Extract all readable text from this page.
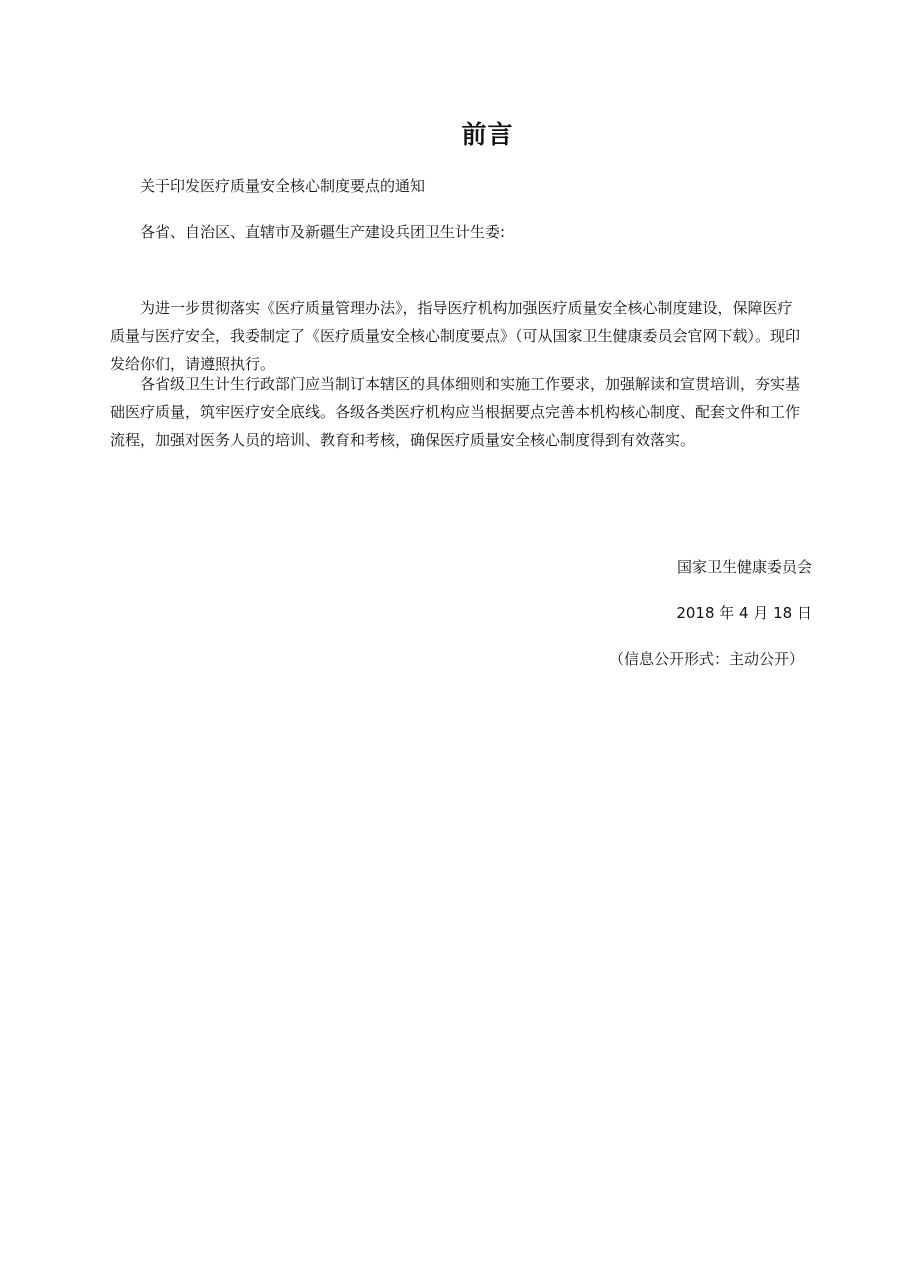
前言

关于印发医疗质量安全核心制度要点的通知

各省、自治区、直辖市及新疆生产建设兵团卫生计生委:

为进一步贯彻落实《医疗质量管理办法》，指导医疗机构加强医疗质量安全核心制度建设，保障医疗质量与医疗安全，我委制定了《医疗质量安全核心制度要点》（可从国家卫生健康委员会官网下载）。现印发给你们，请遵照执行。

各省级卫生计生行政部门应当制订本辖区的具体细则和实施工作要求，加强解读和宣贯培训，夯实基础医疗质量，筑牢医疗安全底线。各级各类医疗机构应当根据要点完善本机构核心制度、配套文件和工作流程，加强对医务人员的培训、教育和考核，确保医疗质量安全核心制度得到有效落实。

国家卫生健康委员会
2018 年 4 月 18 日
（信息公开形式：主动公开）
